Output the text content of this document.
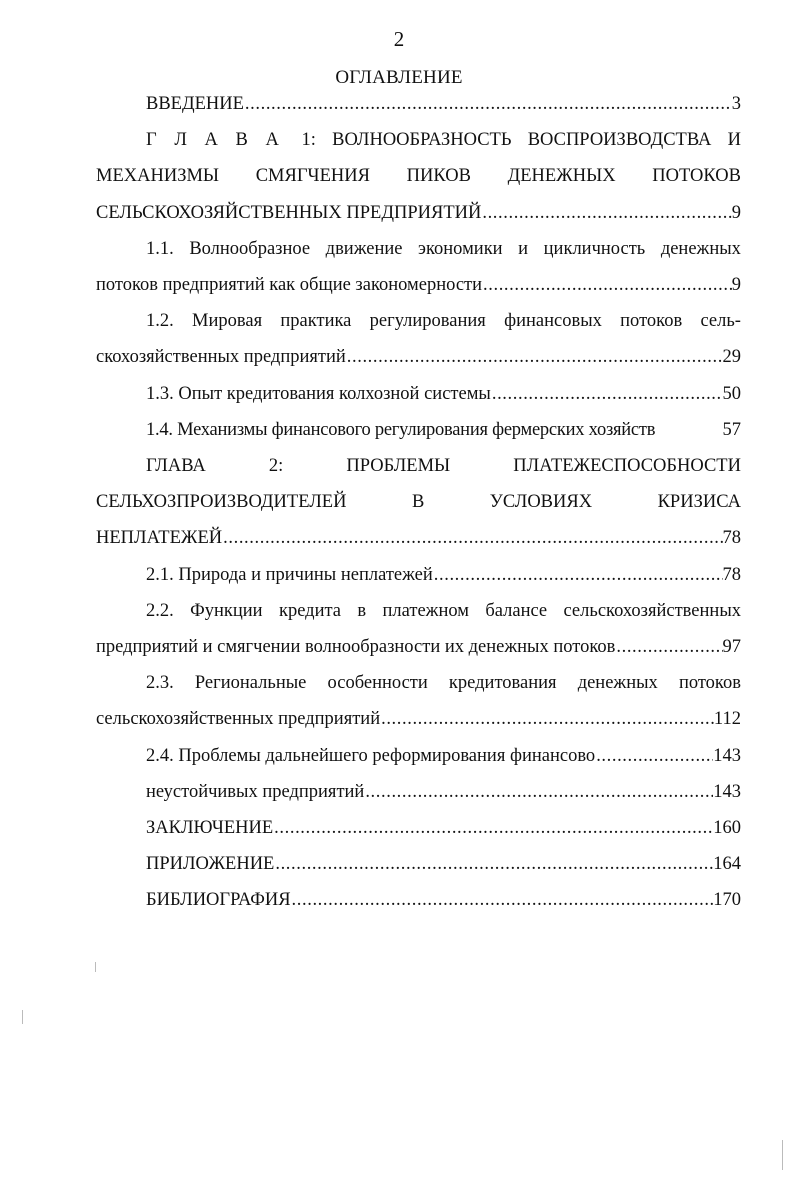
2
ОГЛАВЛЕНИЕ
ВВЕДЕНИЕ .....	3
Г Л А В А 1: ВОЛНООБРАЗНОСТЬ ВОСПРОИЗВОДСТВА И
МЕХАНИЗМЫ СМЯГЧЕНИЯ ПИКОВ ДЕНЕЖНЫХ ПОТОКОВ
СЕЛЬСКОХОЗЯЙСТВЕННЫХ ПРЕДПРИЯТИЙ .....	9
1.1. Волнообразное движение экономики и цикличность денежных
потоков предприятий как общие закономерности .....	9
1.2. Мировая практика регулирования финансовых потоков сель-
скохозяйственных предприятий .....	29
1.3. Опыт кредитования колхозной системы .....	50
1.4. Механизмы финансового регулирования фермерских хозяйств	57
ГЛАВА	2:	ПРОБЛЕМЫ	ПЛАТЕЖЕСПОСОБНОСТИ
СЕЛЬХОЗПРОИЗВОДИТЕЛЕЙ	В	УСЛОВИЯХ	КРИЗИСА
НЕПЛАТЕЖЕЙ .....	78
2.1. Природа и причины неплатежей .....	78
2.2. Функции кредита в платежном балансе сельскохозяйственных
предприятий и смягчении волнообразности их денежных потоков .....	97
2.3. Региональные особенности кредитования денежных потоков
сельскохозяйственных предприятий .....	112
2.4. Проблемы дальнейшего реформирования финансово .....	143
неустойчивых предприятий .....	143
ЗАКЛЮЧЕНИЕ .....	160
ПРИЛОЖЕНИЕ .....	164
БИБЛИОГРАФИЯ .....	170
